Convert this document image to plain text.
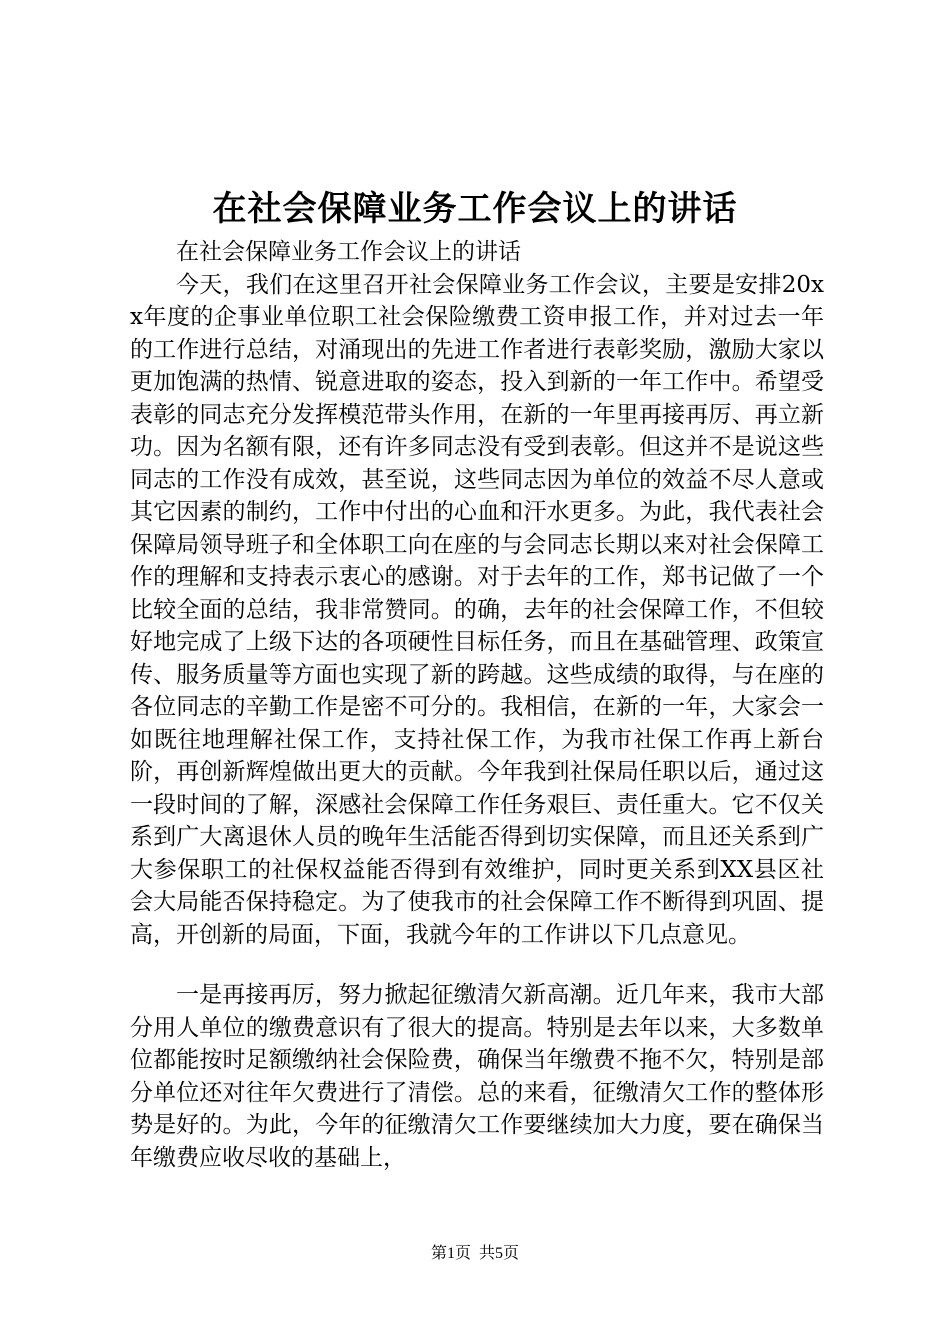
在社会保障业务工作会议上的讲话

在社会保障业务工作会议上的讲话

今天，我们在这里召开社会保障业务工作会议，主要是安排20xx年度的企事业单位职工社会保险缴费工资申报工作，并对过去一年的工作进行总结，对涌现出的先进工作者进行表彰奖励，激励大家以更加饱满的热情、锐意进取的姿态，投入到新的一年工作中。希望受表彰的同志充分发挥模范带头作用，在新的一年里再接再厉、再立新功。因为名额有限，还有许多同志没有受到表彰。但这并不是说这些同志的工作没有成效，甚至说，这些同志因为单位的效益不尽人意或其它因素的制约，工作中付出的心血和汗水更多。为此，我代表社会保障局领导班子和全体职工向在座的与会同志长期以来对社会保障工作的理解和支持表示衷心的感谢。对于去年的工作，郑书记做了一个比较全面的总结，我非常赞同。的确，去年的社会保障工作，不但较好地完成了上级下达的各项硬性目标任务，而且在基础管理、政策宣传、服务质量等方面也实现了新的跨越。这些成绩的取得，与在座的各位同志的辛勤工作是密不可分的。我相信，在新的一年，大家会一如既往地理解社保工作，支持社保工作，为我市社保工作再上新台阶，再创新辉煌做出更大的贡献。今年我到社保局任职以后，通过这一段时间的了解，深感社会保障工作任务艰巨、责任重大。它不仅关系到广大离退休人员的晚年生活能否得到切实保障，而且还关系到广大参保职工的社保权益能否得到有效维护，同时更关系到XX县区社会大局能否保持稳定。为了使我市的社会保障工作不断得到巩固、提高，开创新的局面，下面，我就今年的工作讲以下几点意见。

一是再接再厉，努力掀起征缴清欠新高潮。近几年来，我市大部分用人单位的缴费意识有了很大的提高。特别是去年以来，大多数单位都能按时足额缴纳社会保险费，确保当年缴费不拖不欠，特别是部分单位还对往年欠费进行了清偿。总的来看，征缴清欠工作的整体形势是好的。为此，今年的征缴清欠工作要继续加大力度，要在确保当年缴费应收尽收的基础上，

第1页 共5页
